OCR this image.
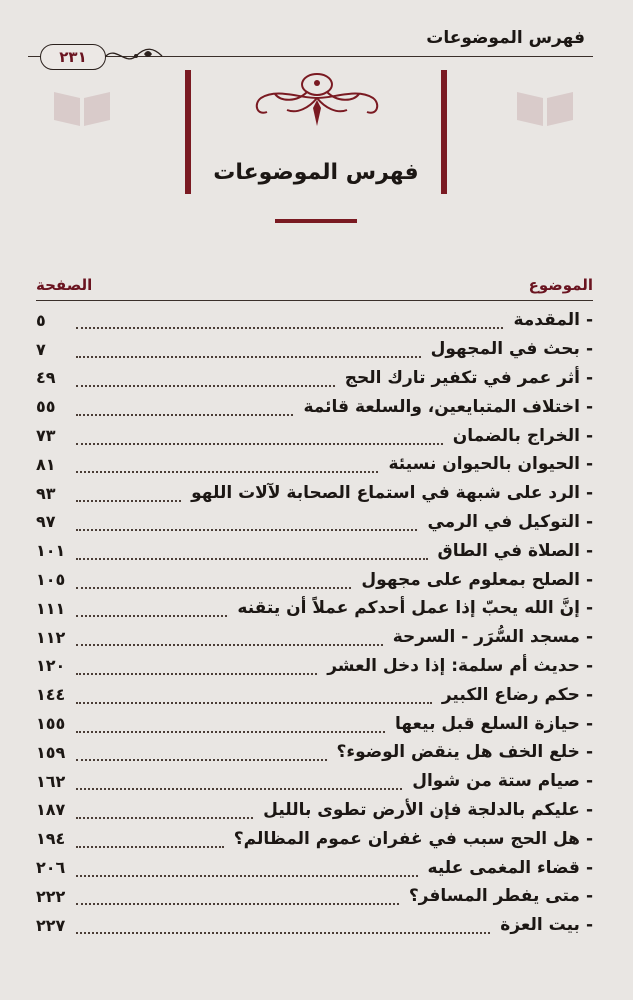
فهرس الموضوعات
٢٣١
فهرس الموضوعات
الموضوع
الصفحة
-
المقدمة
٥
-
بحث في المجهول
٧
-
أثر عمر في تكفير تارك الحج
٤٩
-
اختلاف المتبايعين، والسلعة قائمة
٥٥
-
الخراج بالضمان
٧٣
-
الحيوان بالحيوان نسيئة
٨١
-
الرد على شبهة في استماع الصحابة لآلات اللهو
٩٣
-
التوكيل في الرمي
٩٧
-
الصلاة في الطاق
١٠١
-
الصلح بمعلوم على مجهول
١٠٥
-
إنَّ الله يحبّ إذا عمل أحدكم عملاً أن يتقنه
١١١
-
مسجد السُّرَر - السرحة
١١٢
-
حديث أم سلمة: إذا دخل العشر
١٢٠
-
حكم رضاع الكبير
١٤٤
-
حيازة السلع قبل بيعها
١٥٥
-
خلع الخف هل ينقض الوضوء؟
١٥٩
-
صيام ستة من شوال
١٦٢
-
عليكم بالدلجة فإن الأرض تطوى بالليل
١٨٧
-
هل الحج سبب في غفران عموم المظالم؟
١٩٤
-
قضاء المغمى عليه
٢٠٦
-
متى يفطر المسافر؟
٢٢٢
-
بيت العزة
٢٢٧
